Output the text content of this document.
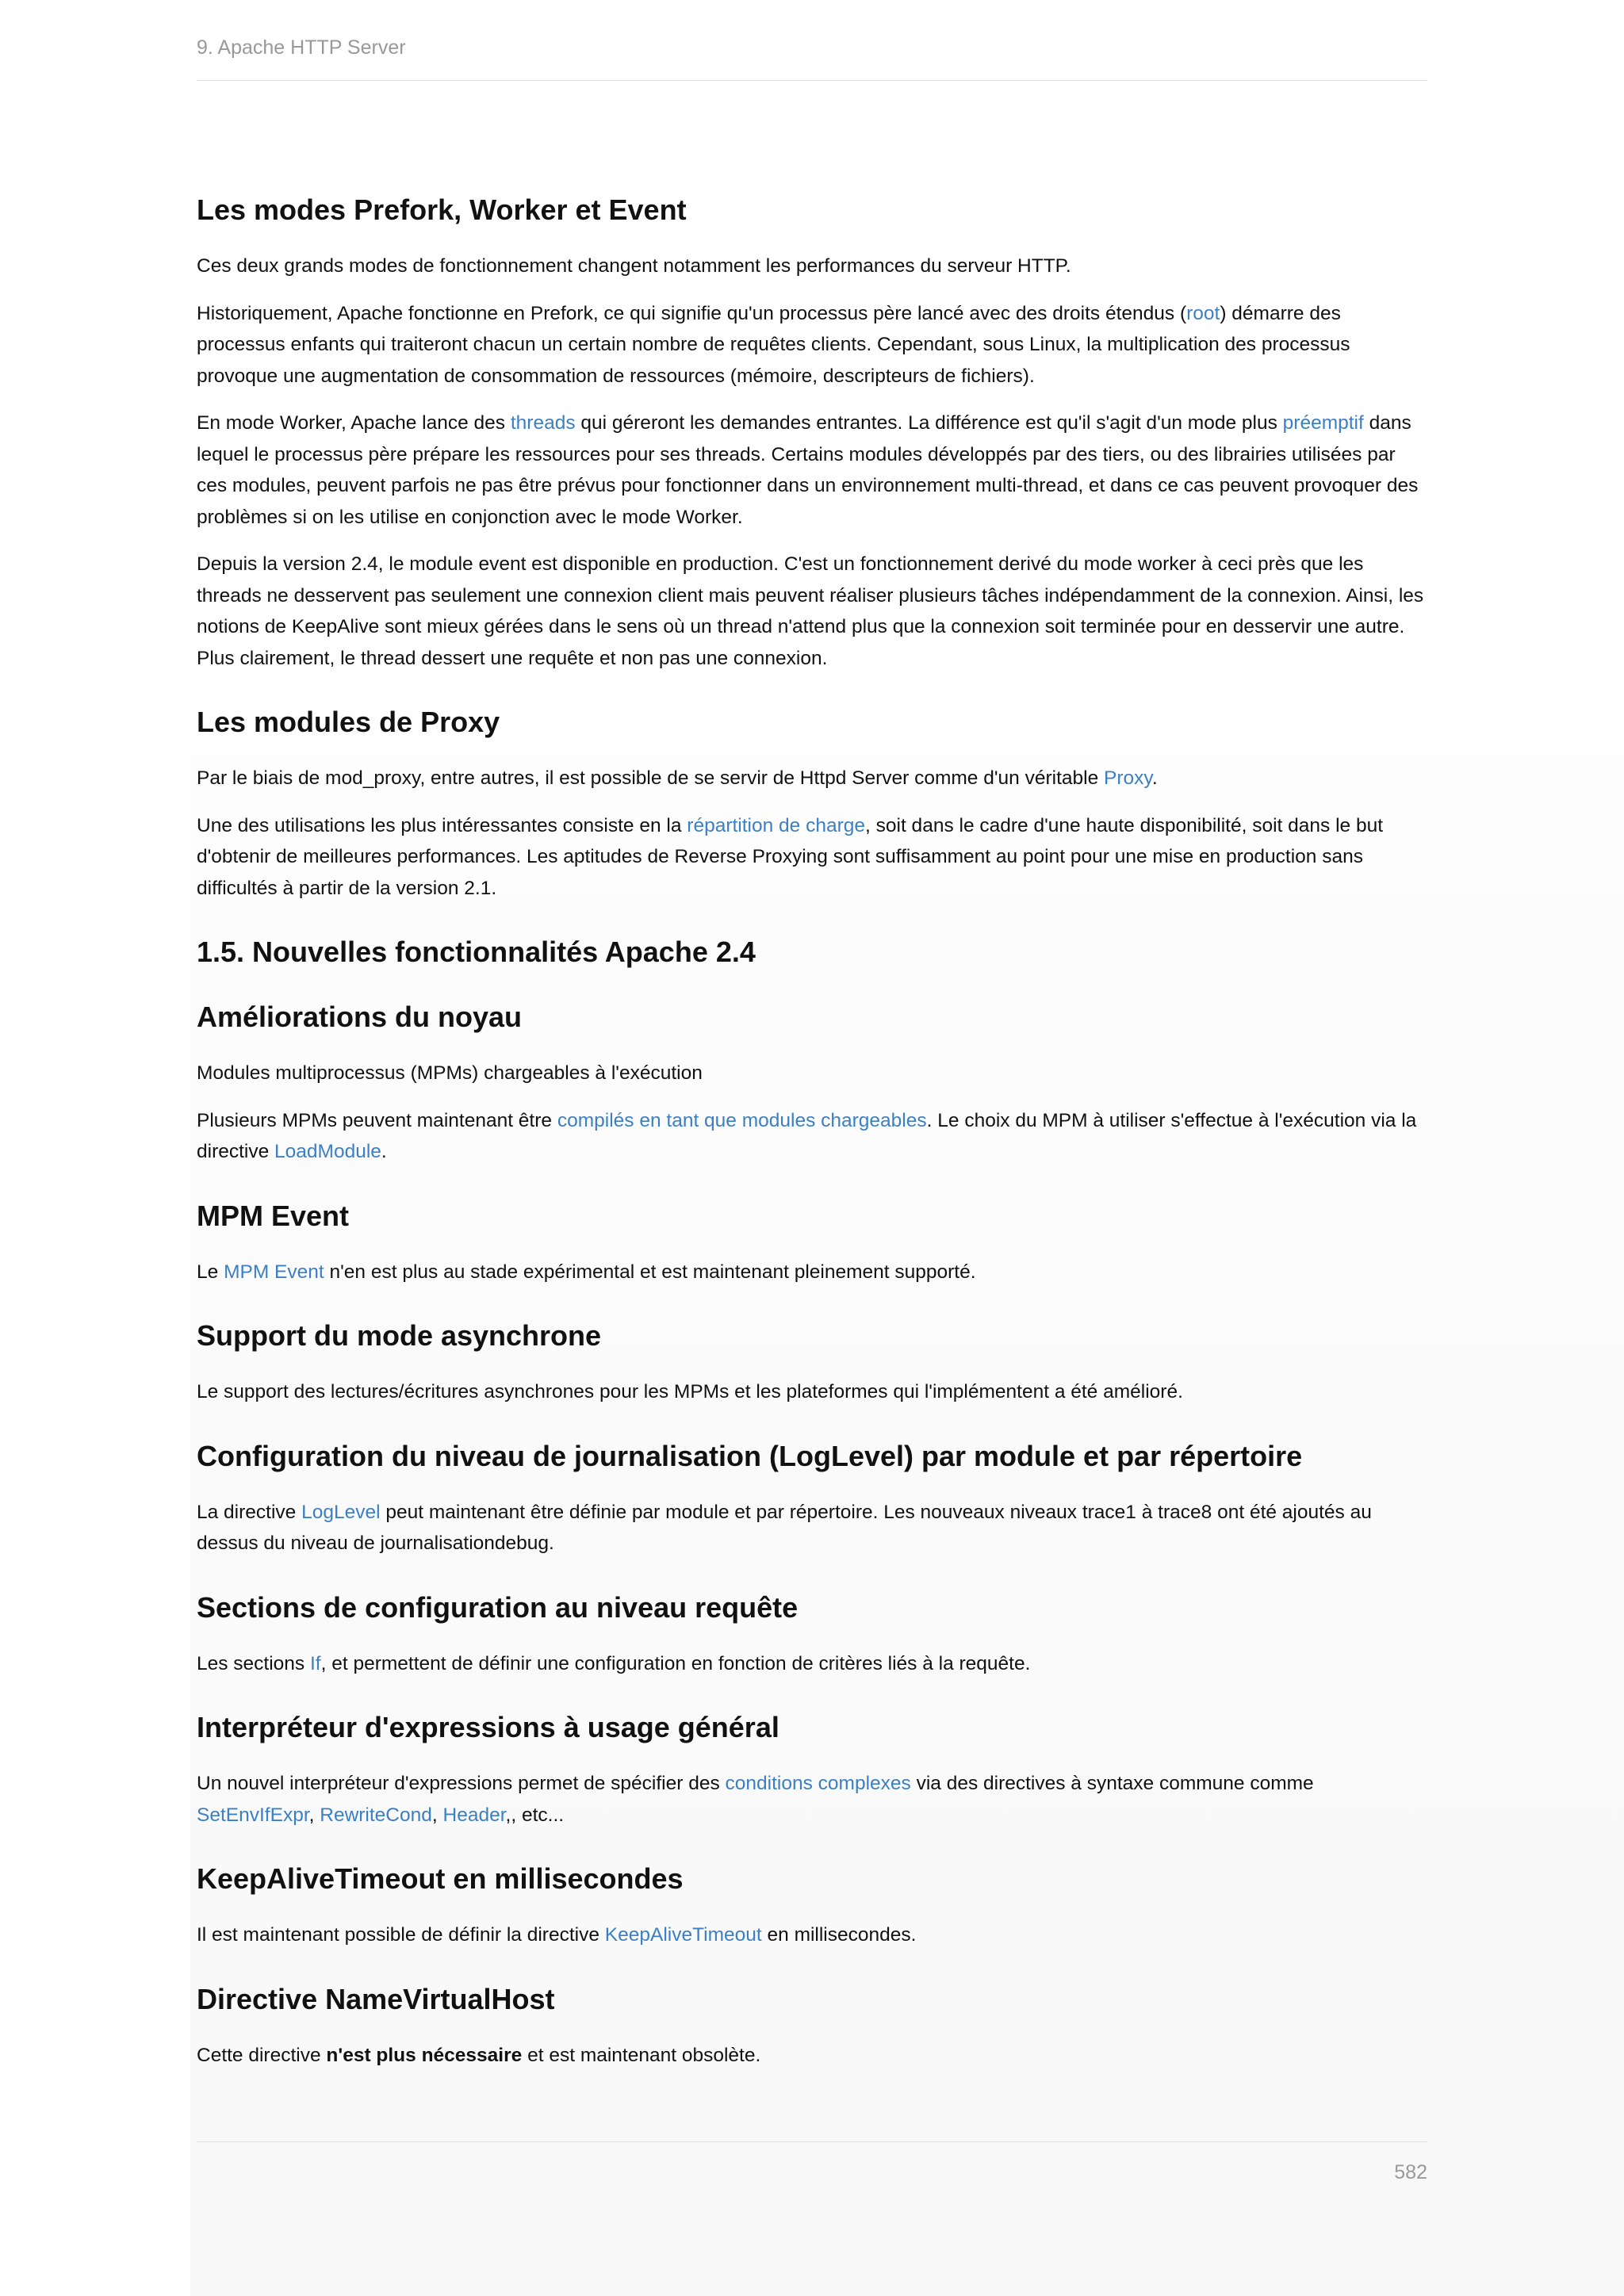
9. Apache HTTP Server
Les modes Prefork, Worker et Event

Ces deux grands modes de fonctionnement changent notamment les performances du serveur HTTP.

Historiquement, Apache fonctionne en Prefork, ce qui signifie qu'un processus père lancé avec des droits étendus (root) démarre des processus enfants qui traiteront chacun un certain nombre de requêtes clients. Cependant, sous Linux, la multiplication des processus provoque une augmentation de consommation de ressources (mémoire, descripteurs de fichiers).

En mode Worker, Apache lance des threads qui géreront les demandes entrantes. La différence est qu'il s'agit d'un mode plus préemptif dans lequel le processus père prépare les ressources pour ses threads. Certains modules développés par des tiers, ou des librairies utilisées par ces modules, peuvent parfois ne pas être prévus pour fonctionner dans un environnement multi-thread, et dans ce cas peuvent provoquer des problèmes si on les utilise en conjonction avec le mode Worker.

Depuis la version 2.4, le module event est disponible en production. C'est un fonctionnement derivé du mode worker à ceci près que les threads ne desservent pas seulement une connexion client mais peuvent réaliser plusieurs tâches indépendamment de la connexion. Ainsi, les notions de KeepAlive sont mieux gérées dans le sens où un thread n'attend plus que la connexion soit terminée pour en desservir une autre. Plus clairement, le thread dessert une requête et non pas une connexion.

Les modules de Proxy

Par le biais de mod_proxy, entre autres, il est possible de se servir de Httpd Server comme d'un véritable Proxy.

Une des utilisations les plus intéressantes consiste en la répartition de charge, soit dans le cadre d'une haute disponibilité, soit dans le but d'obtenir de meilleures performances. Les aptitudes de Reverse Proxying sont suffisamment au point pour une mise en production sans difficultés à partir de la version 2.1.

1.5. Nouvelles fonctionnalités Apache 2.4
Améliorations du noyau

Modules multiprocessus (MPMs) chargeables à l'exécution

Plusieurs MPMs peuvent maintenant être compilés en tant que modules chargeables. Le choix du MPM à utiliser s'effectue à l'exécution via la directive LoadModule.

MPM Event

Le MPM Event n'en est plus au stade expérimental et est maintenant pleinement supporté.

Support du mode asynchrone

Le support des lectures/écritures asynchrones pour les MPMs et les plateformes qui l'implémentent a été amélioré.

Configuration du niveau de journalisation (LogLevel) par module et par répertoire

La directive LogLevel peut maintenant être définie par module et par répertoire. Les nouveaux niveaux trace1 à trace8 ont été ajoutés au dessus du niveau de journalisationdebug.

Sections de configuration au niveau requête

Les sections If, et permettent de définir une configuration en fonction de critères liés à la requête.

Interpréteur d'expressions à usage général

Un nouvel interpréteur d'expressions permet de spécifier des conditions complexes via des directives à syntaxe commune comme SetEnvIfExpr, RewriteCond, Header,, etc...

KeepAliveTimeout en millisecondes

Il est maintenant possible de définir la directive KeepAliveTimeout en millisecondes.

Directive NameVirtualHost

Cette directive n'est plus nécessaire et est maintenant obsolète.

582
